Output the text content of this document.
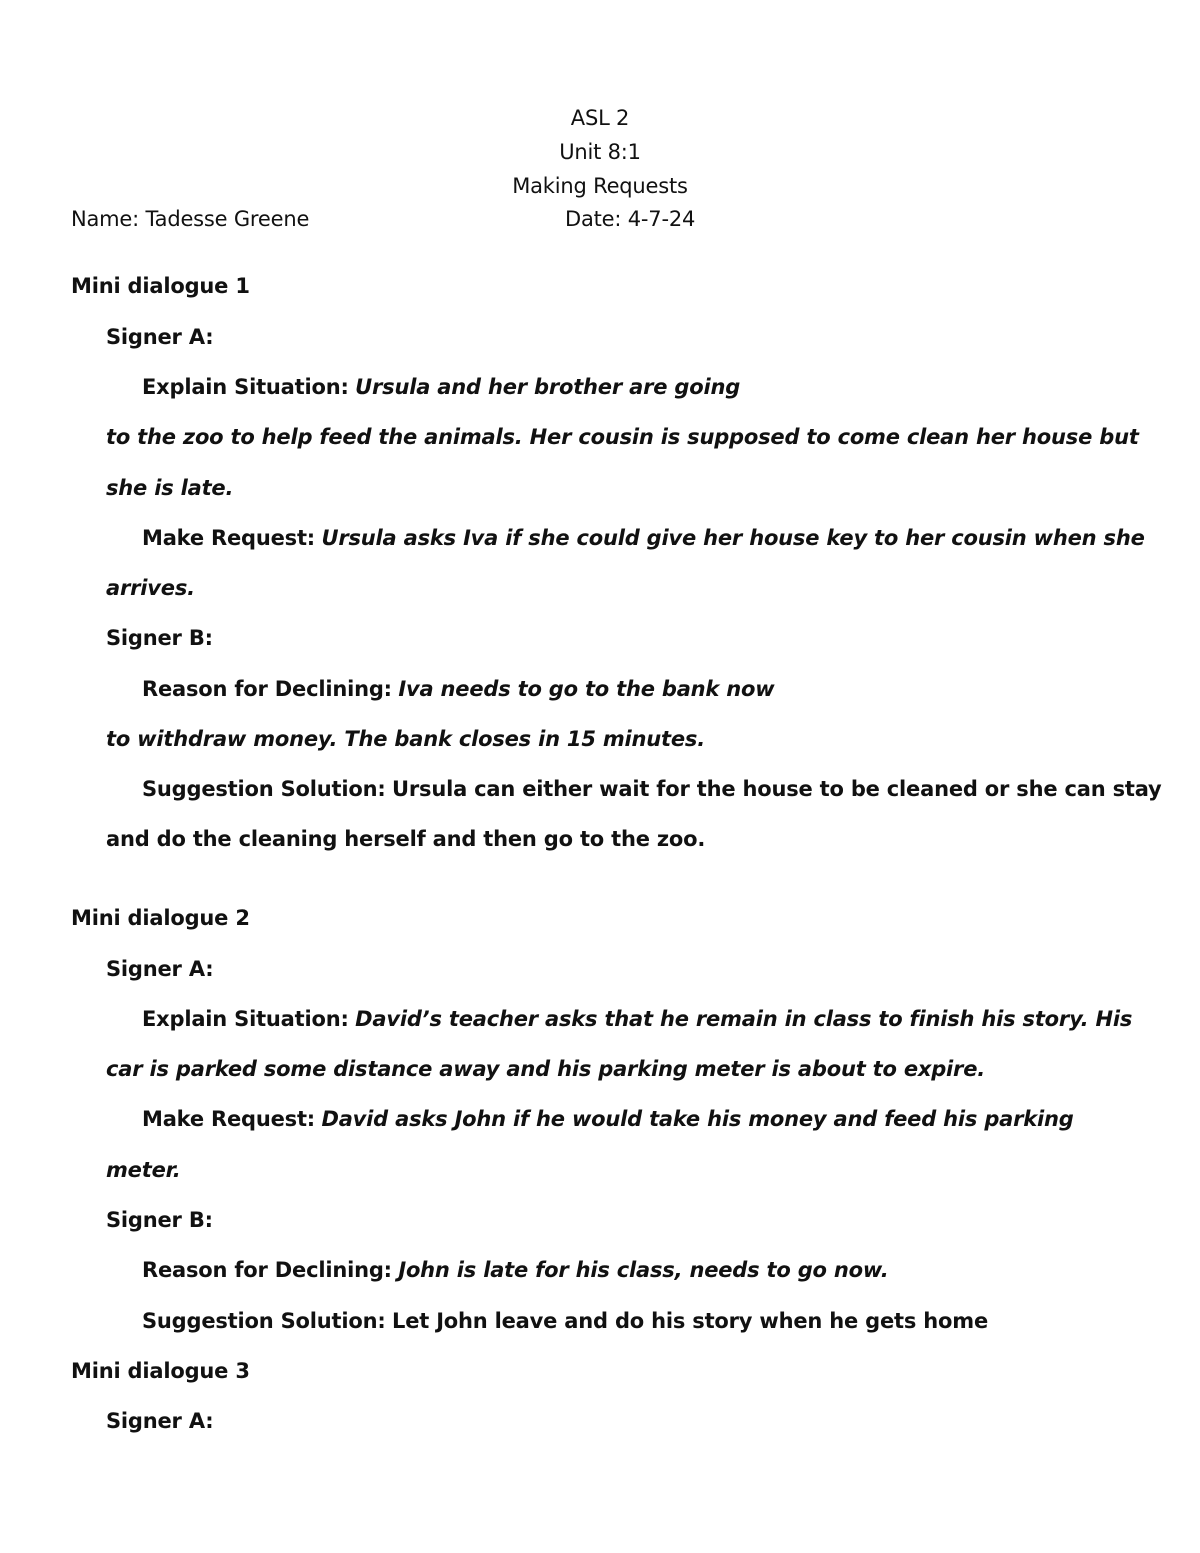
ASL 2
Unit 8:1
Making Requests
Name: Tadesse Greene	Date: 4-7-24
Mini dialogue 1
Signer A:
Explain Situation: Ursula and her brother are going
to the zoo to help feed the animals. Her cousin is supposed to come clean her house but
she is late.
Make Request: Ursula asks Iva if she could give her house key to her cousin when she
arrives.
Signer B:
Reason for Declining: Iva needs to go to the bank now
to withdraw money. The bank closes in 15 minutes.
Suggestion Solution: Ursula can either wait for the house to be cleaned or she can stay
and do the cleaning herself and then go to the zoo.
Mini dialogue 2
Signer A:
Explain Situation: David’s teacher asks that he remain in class to finish his story. His
car is parked some distance away and his parking meter is about to expire.
Make Request: David asks John if he would take his money and feed his parking
meter.
Signer B:
Reason for Declining: John is late for his class, needs to go now.
Suggestion Solution: Let John leave and do his story when he gets home
Mini dialogue 3
Signer A:
